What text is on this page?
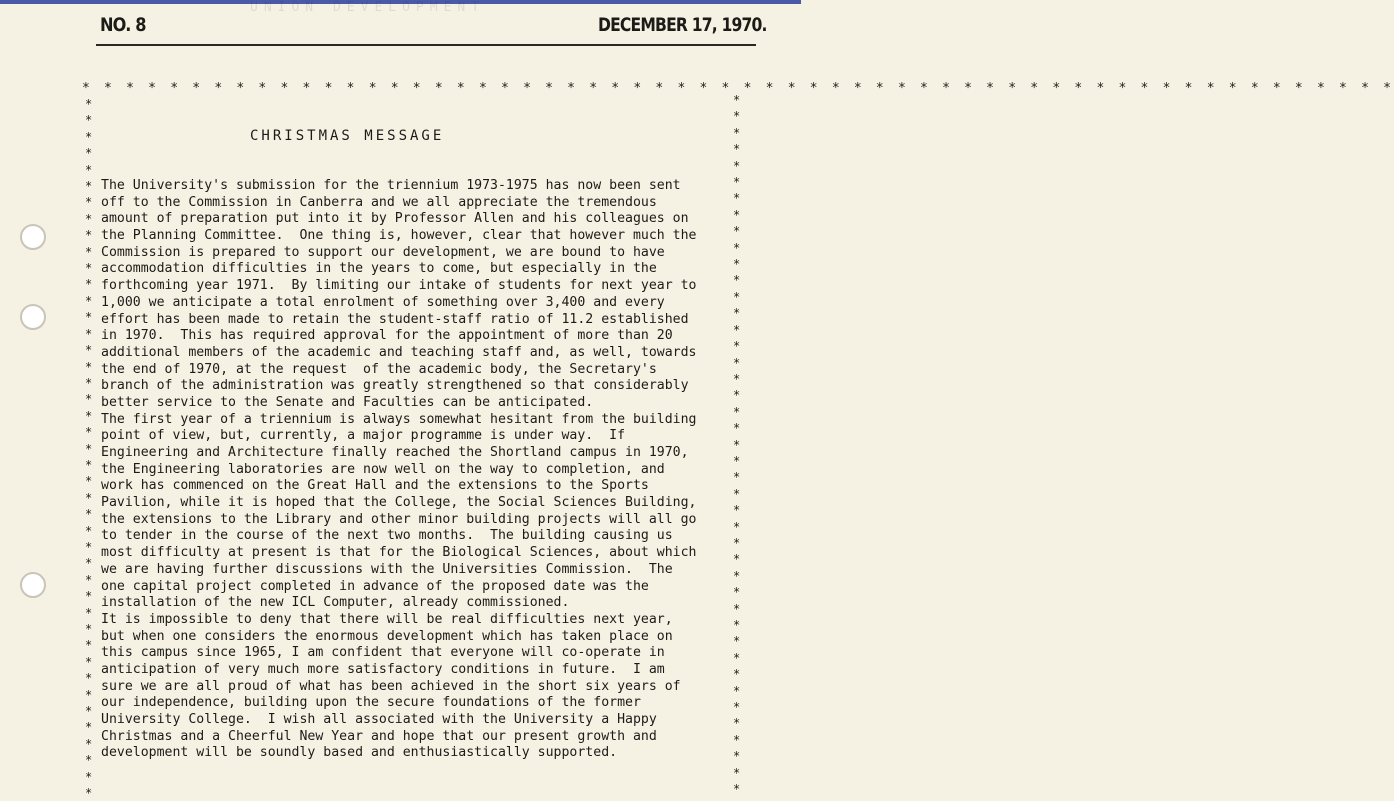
UNION DEVELOPMENT
NO. 8	DECEMBER 17, 1970.
* * * * * * * * * * * * * * * * * * * * * * * * * * * * * * * * * * * * * * * * * * * * * * * * * * * * * * * * * * * *
*
*
*
*
*
*
*
*
*
*
*
*
*
*
*
*
*
*
*
*
*
*
*
*
*
*
*
*
*
*
*
*
*
*
*
*
*
*
*
*
*
*
*
*
*
*
*
*
*
*
*
*
*
*
*
*
*
*
*
*
*
*
*
*
*
*
*
*
*
*
*
*
*
*
*
*
*
*
*
*
*
*
*
*
*
*
CHRISTMAS MESSAGE
The University's submission for the triennium 1973-1975 has now been sent
off to the Commission in Canberra and we all appreciate the tremendous
amount of preparation put into it by Professor Allen and his colleagues on
the Planning Committee.  One thing is, however, clear that however much the
Commission is prepared to support our development, we are bound to have
accommodation difficulties in the years to come, but especially in the
forthcoming year 1971.  By limiting our intake of students for next year to
1,000 we anticipate a total enrolment of something over 3,400 and every
effort has been made to retain the student-staff ratio of 11.2 established
in 1970.  This has required approval for the appointment of more than 20
additional members of the academic and teaching staff and, as well, towards
the end of 1970, at the request  of the academic body, the Secretary's
branch of the administration was greatly strengthened so that considerably
better service to the Senate and Faculties can be anticipated.
The first year of a triennium is always somewhat hesitant from the building
point of view, but, currently, a major programme is under way.  If
Engineering and Architecture finally reached the Shortland campus in 1970,
the Engineering laboratories are now well on the way to completion, and
work has commenced on the Great Hall and the extensions to the Sports
Pavilion, while it is hoped that the College, the Social Sciences Building,
the extensions to the Library and other minor building projects will all go
to tender in the course of the next two months.  The building causing us
most difficulty at present is that for the Biological Sciences, about which
we are having further discussions with the Universities Commission.  The
one capital project completed in advance of the proposed date was the
installation of the new ICL Computer, already commissioned.
It is impossible to deny that there will be real difficulties next year,
but when one considers the enormous development which has taken place on
this campus since 1965, I am confident that everyone will co-operate in
anticipation of very much more satisfactory conditions in future.  I am
sure we are all proud of what has been achieved in the short six years of
our independence, building upon the secure foundations of the former
University College.  I wish all associated with the University a Happy
Christmas and a Cheerful New Year and hope that our present growth and
development will be soundly based and enthusiastically supported.
